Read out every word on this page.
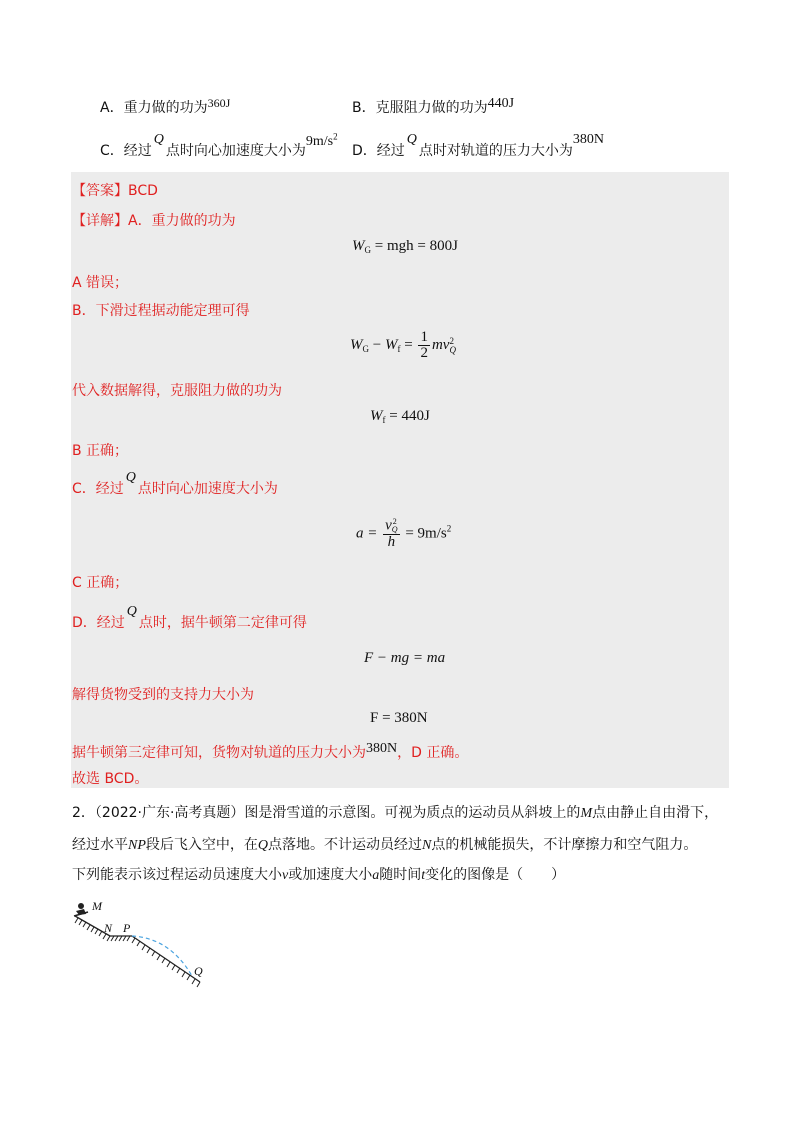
A．重力做的功为360J	B．克服阻力做的功为440J
C．经过Q点时向心加速度大小为$9m/s^2$
D．经过Q点时对轨道的压力大小为380N
【答案】BCD
【详解】A．重力做的功为
$W_G$ = mgh = 800J
A 错误；
B．下滑过程据动能定理可得
$W_G - W_f = \frac{1}{2}$ mv 2
Q
代入数据解得，克服阻力做的功为
$W_f = 440J$
B 正确；
C．经过Q点时向心加速度大小为
a = v 2
Q
$h = 9m/s^2$
C 正确；
D．经过Q点时，据牛顿第二定律可得
F − mg = ma
解得货物受到的支持力大小为
F = 380N
据牛顿第三定律可知，货物对轨道的压力大小为380N，D 正确。
故选 BCD。
2．（2022·广东·高考真题）图是滑雪道的示意图。可视为质点的运动员从斜坡上的M点由静止自由滑下，
经过水平NP段后飞入空中，在Q点落地。不计运动员经过N点的机械能损失，不计摩擦力和空气阻力。
下列能表示该过程运动员速度大小v或加速度大小a随时间t变化的图像是（　　）
M
N P
Q
